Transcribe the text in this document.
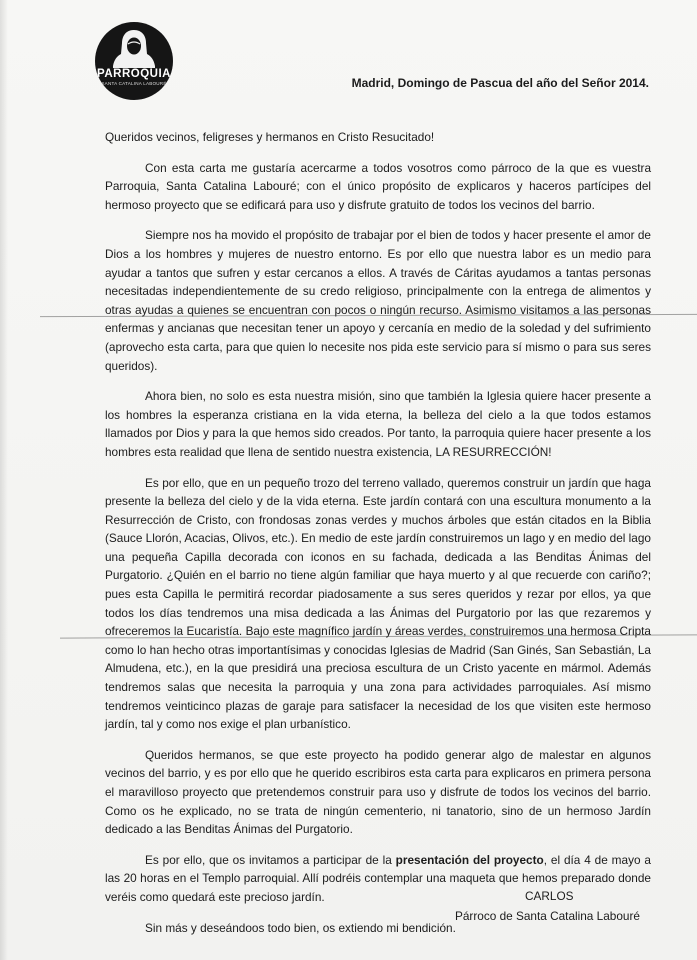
PARROQUIA
SANTA CATALINA LABOURÉ	Madrid, Domingo de Pascua del año del Señor 2014.

Queridos vecinos, feligreses y hermanos en Cristo Resucitado!

Con esta carta me gustaría acercarme a todos vosotros como párroco de la que es vuestra Parroquia, Santa Catalina Labouré; con el único propósito de explicaros y haceros partícipes del hermoso proyecto que se edificará para uso y disfrute gratuito de todos los vecinos del barrio.

Siempre nos ha movido el propósito de trabajar por el bien de todos y hacer presente el amor de Dios a los hombres y mujeres de nuestro entorno. Es por ello que nuestra labor es un medio para ayudar a tantos que sufren y estar cercanos a ellos. A través de Cáritas ayudamos a tantas personas necesitadas independientemente de su credo religioso, principalmente con la entrega de alimentos y otras ayudas a quienes se encuentran con pocos o ningún recurso. Asimismo visitamos a las personas enfermas y ancianas que necesitan tener un apoyo y cercanía en medio de la soledad y del sufrimiento (aprovecho esta carta, para que quien lo necesite nos pida este servicio para sí mismo o para sus seres queridos).

Ahora bien, no solo es esta nuestra misión, sino que también la Iglesia quiere hacer presente a los hombres la esperanza cristiana en la vida eterna, la belleza del cielo a la que todos estamos llamados por Dios y para la que hemos sido creados. Por tanto, la parroquia quiere hacer presente a los hombres esta realidad que llena de sentido nuestra existencia, LA RESURRECCIÓN!

Es por ello, que en un pequeño trozo del terreno vallado, queremos construir un jardín que haga presente la belleza del cielo y de la vida eterna. Este jardín contará con una escultura monumento a la Resurrección de Cristo, con frondosas zonas verdes y muchos árboles que están citados en la Biblia (Sauce Llorón, Acacias, Olivos, etc.). En medio de este jardín construiremos un lago y en medio del lago una pequeña Capilla decorada con iconos en su fachada, dedicada a las Benditas Ánimas del Purgatorio. ¿Quién en el barrio no tiene algún familiar que haya muerto y al que recuerde con cariño?; pues esta Capilla le permitirá recordar piadosamente a sus seres queridos y rezar por ellos, ya que todos los días tendremos una misa dedicada a las Ánimas del Purgatorio por las que rezaremos y ofreceremos la Eucaristía. Bajo este magnífico jardín y áreas verdes, construiremos una hermosa Cripta como lo han hecho otras importantísimas y conocidas Iglesias de Madrid (San Ginés, San Sebastián, La Almudena, etc.), en la que presidirá una preciosa escultura de un Cristo yacente en mármol. Además tendremos salas que necesita la parroquia y una zona para actividades parroquiales. Así mismo tendremos veinticinco plazas de garaje para satisfacer la necesidad de los que visiten este hermoso jardín, tal y como nos exige el plan urbanístico.

Queridos hermanos, se que este proyecto ha podido generar algo de malestar en algunos vecinos del barrio, y es por ello que he querido escribiros esta carta para explicaros en primera persona el maravilloso proyecto que pretendemos construir para uso y disfrute de todos los vecinos del barrio. Como os he explicado, no se trata de ningún cementerio, ni tanatorio, sino de un hermoso Jardín dedicado a las Benditas Ánimas del Purgatorio.

Es por ello, que os invitamos a participar de la presentación del proyecto, el día 4 de mayo a las 20 horas en el Templo parroquial. Allí podréis contemplar una maqueta que hemos preparado donde veréis como quedará este precioso jardín.

Sin más y deseándoos todo bien, os extiendo mi bendición.

CARLOS
Párroco de Santa Catalina Labouré
